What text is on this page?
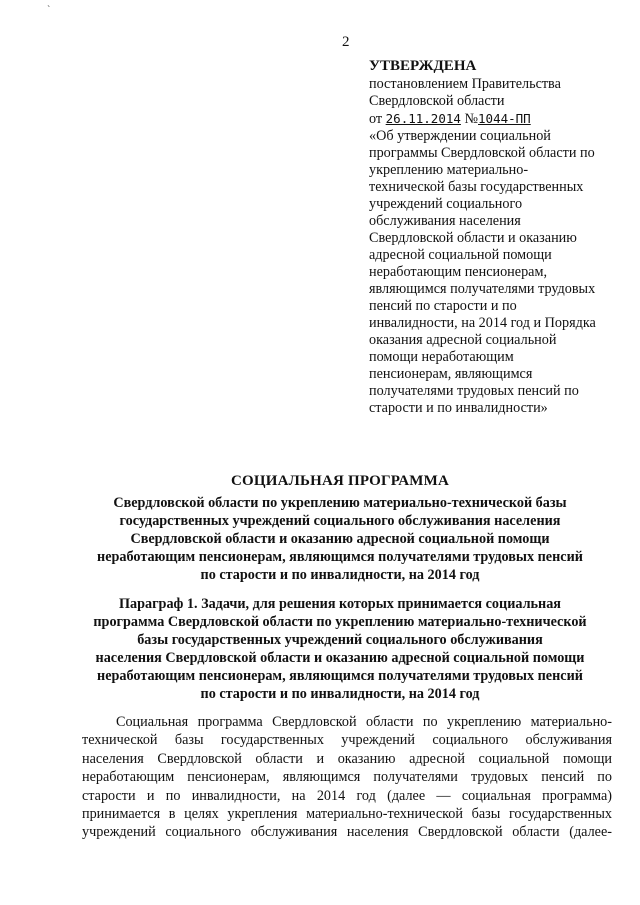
`
2
УТВЕРЖДЕНА
постановлением Правительства
Свердловской области
от 26.11.2014 №1044-ПП
«Об утверждении социальной
программы Свердловской области по
укреплению материально-
технической базы государственных
учреждений социального
обслуживания населения
Свердловской области и оказанию
адресной социальной помощи
неработающим пенсионерам,
являющимся получателями трудовых
пенсий по старости и по
инвалидности, на 2014 год и Порядка
оказания адресной социальной
помощи неработающим
пенсионерам, являющимся
получателями трудовых пенсий по
старости и по инвалидности»
СОЦИАЛЬНАЯ ПРОГРАММА
Свердловской области по укреплению материально-технической базы
государственных учреждений социального обслуживания населения
Свердловской области и оказанию адресной социальной помощи
неработающим пенсионерам, являющимся получателями трудовых пенсий
по старости и по инвалидности, на 2014 год
Параграф 1. Задачи, для решения которых принимается социальная
программа Свердловской области по укреплению материально-технической
базы государственных учреждений социального обслуживания
населения Свердловской области и оказанию адресной социальной помощи
неработающим пенсионерам, являющимся получателями трудовых пенсий
по старости и по инвалидности, на 2014 год
Социальная программа Свердловской области по укреплению материально-
технической базы государственных учреждений социального обслуживания
населения Свердловской области и оказанию адресной социальной помощи
неработающим пенсионерам, являющимся получателями трудовых пенсий по
старости и по инвалидности, на 2014 год (далее — социальная программа)
принимается в целях укрепления материально-технической базы государственных
учреждений социального обслуживания населения Свердловской области (далее-
